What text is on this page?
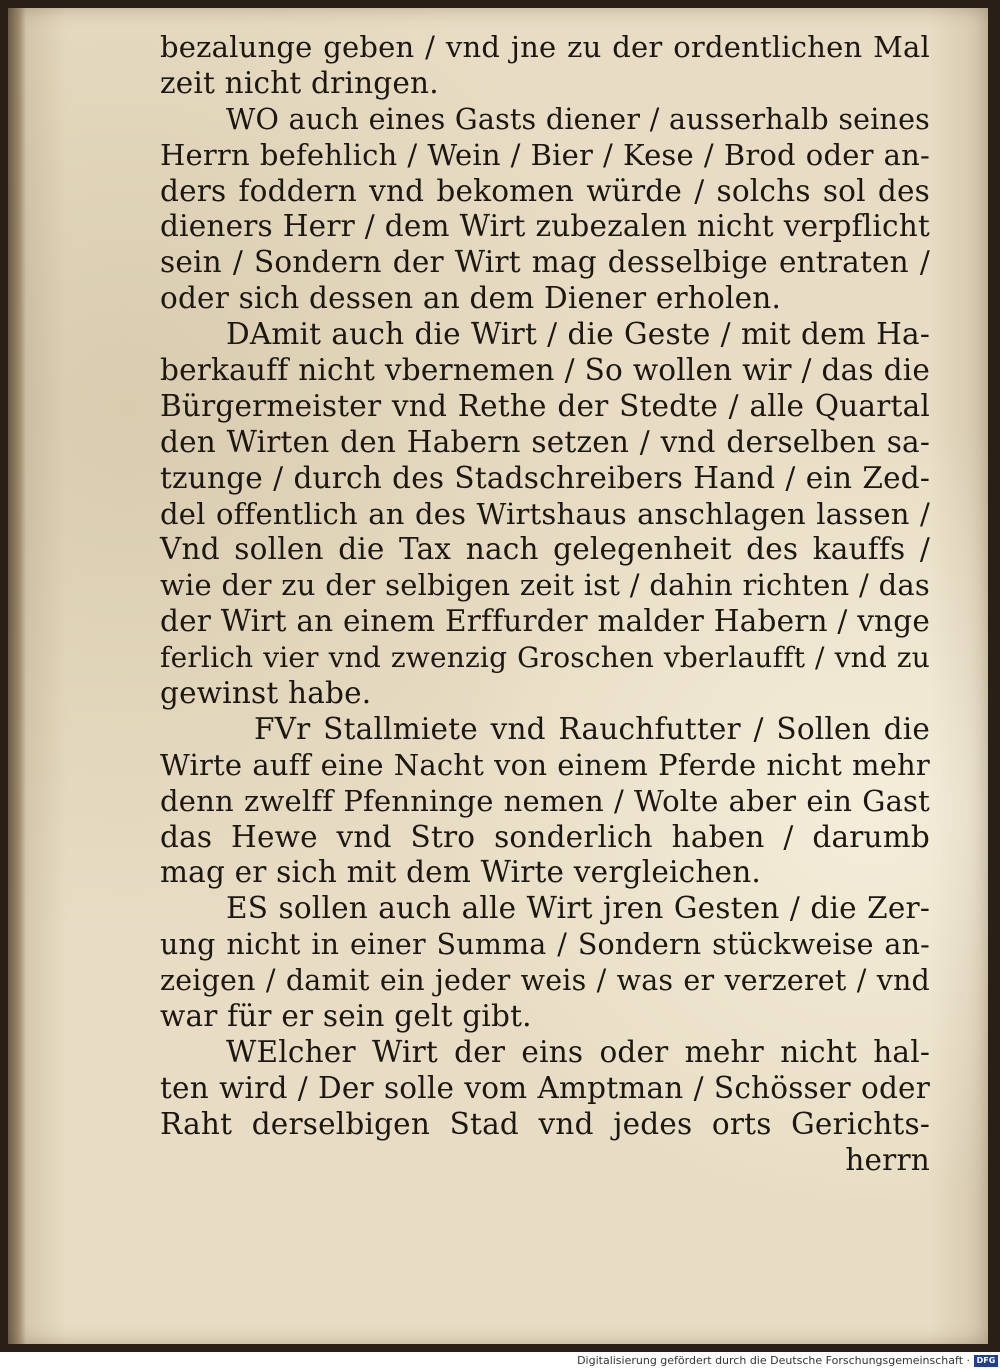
bezalunge geben / vnd jne zu der ordentlichen Mal
zeit nicht dringen.
WO auch eines Gasts diener / ausserhalb seines
Herrn befehlich / Wein / Bier / Kese / Brod oder an-
ders foddern vnd bekomen würde / solchs sol des
dieners Herr / dem Wirt zubezalen nicht verpflicht
sein / Sondern der Wirt mag desselbige entraten /
oder sich dessen an dem Diener erholen.
DAmit auch die Wirt / die Geste / mit dem Ha-
berkauff nicht vbernemen / So wollen wir / das die
Bürgermeister vnd Rethe der Stedte / alle Quartal
den Wirten den Habern setzen / vnd derselben sa-
tzunge / durch des Stadschreibers Hand / ein Zed-
del offentlich an des Wirtshaus anschlagen lassen /
Vnd sollen die Tax nach gelegenheit des kauffs /
wie der zu der selbigen zeit ist / dahin richten / das
der Wirt an einem Erffurder malder Habern / vnge
ferlich vier vnd zwenzig Groschen vberlaufft / vnd zu
gewinst habe.
FVr Stallmiete vnd Rauchfutter / Sollen die
Wirte auff eine Nacht von einem Pferde nicht mehr
denn zwelff Pfenninge nemen / Wolte aber ein Gast
das Hewe vnd Stro sonderlich haben / darumb
mag er sich mit dem Wirte vergleichen.
ES sollen auch alle Wirt jren Gesten / die Zer-
ung nicht in einer Summa / Sondern stückweise an-
zeigen / damit ein jeder weis / was er verzeret / vnd
war für er sein gelt gibt.
WElcher Wirt der eins oder mehr nicht hal-
ten wird / Der solle vom Amptman / Schösser oder
Raht derselbigen Stad vnd jedes orts Gerichts-
herrn
Digitalisierung gefördert durch die Deutsche Forschungsgemeinschaft · DFG
